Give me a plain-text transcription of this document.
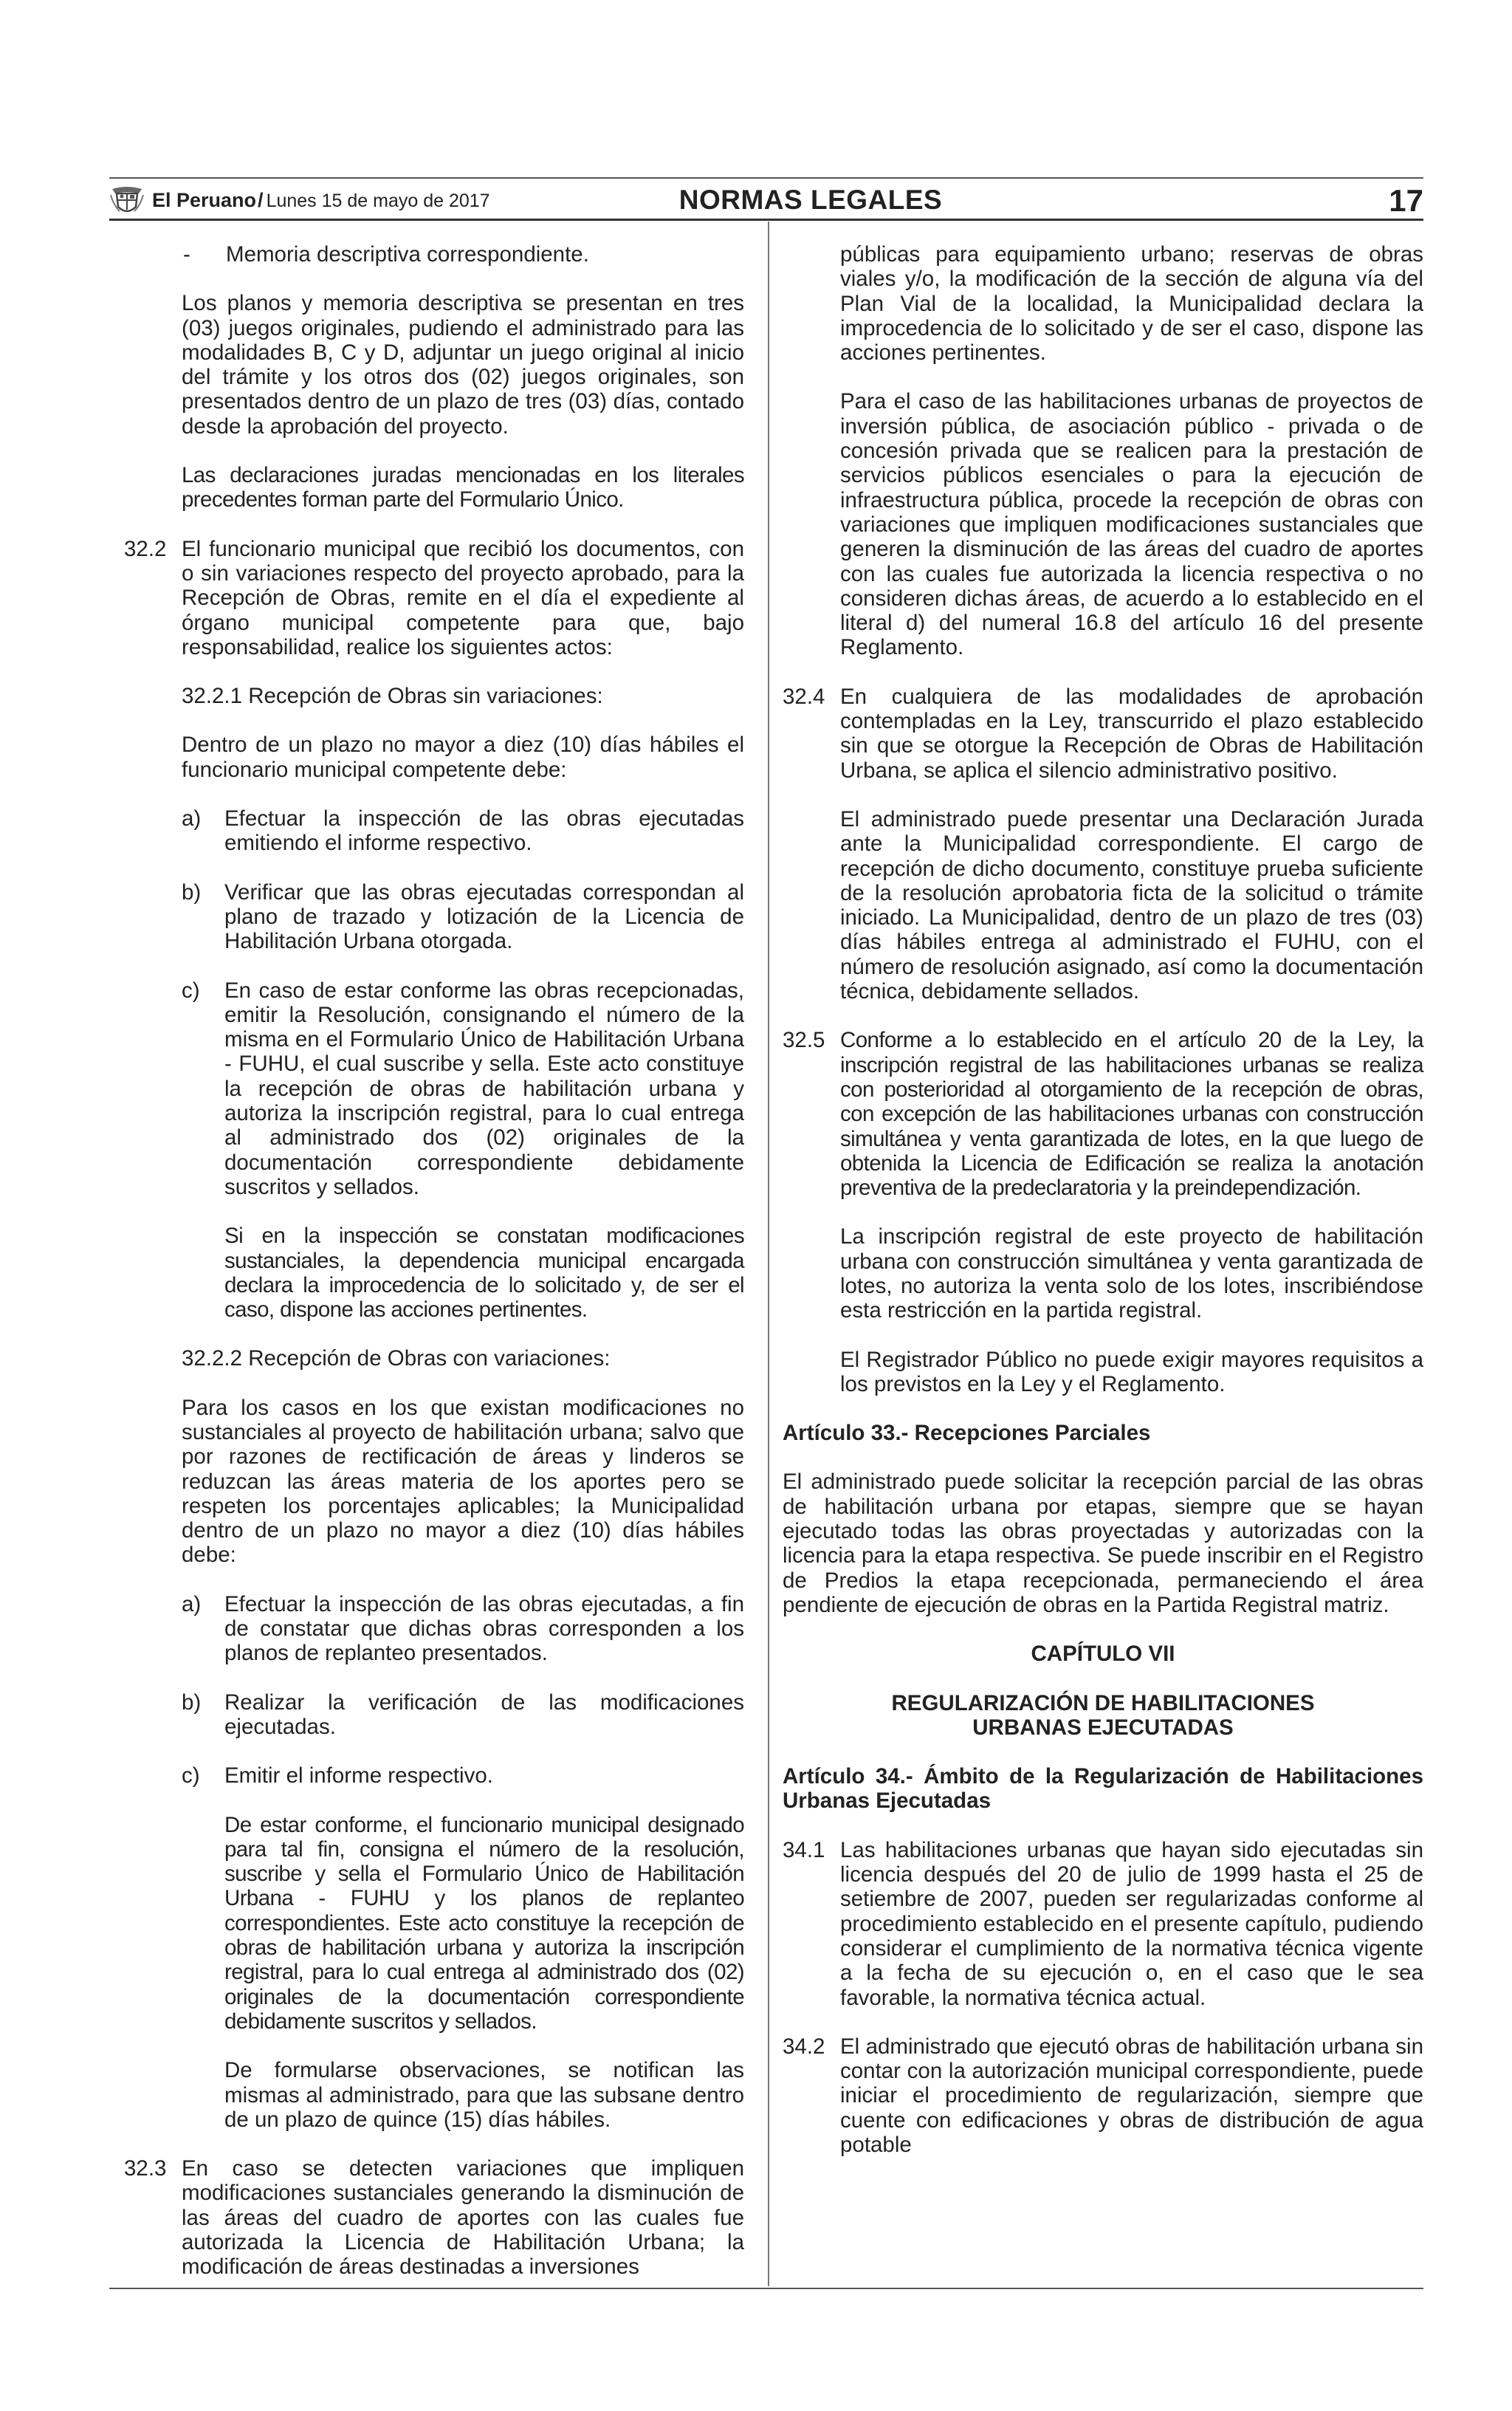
El Peruano/ Lunes 15 de mayo de 2017	NORMAS LEGALES	17
-	Memoria descriptiva correspondiente.
Los planos y memoria descriptiva se presentan en tres (03) juegos originales, pudiendo el administrado para las modalidades B, C y D, adjuntar un juego original al inicio del trámite y los otros dos (02) juegos originales, son presentados dentro de un plazo de tres (03) días, contado desde la aprobación del proyecto.
Las declaraciones juradas mencionadas en los literales precedentes forman parte del Formulario Único.
32.2 El funcionario municipal que recibió los documentos, con o sin variaciones respecto del proyecto aprobado, para la Recepción de Obras, remite en el día el expediente al órgano municipal competente para que, bajo responsabilidad, realice los siguientes actos:
32.2.1 Recepción de Obras sin variaciones:
Dentro de un plazo no mayor a diez (10) días hábiles el funcionario municipal competente debe:
a)	Efectuar la inspección de las obras ejecutadas emitiendo el informe respectivo.
b)	Verificar que las obras ejecutadas correspondan al plano de trazado y lotización de la Licencia de Habilitación Urbana otorgada.
c)	En caso de estar conforme las obras recepcionadas, emitir la Resolución, consignando el número de la misma en el Formulario Único de Habilitación Urbana - FUHU, el cual suscribe y sella. Este acto constituye la recepción de obras de habilitación urbana y autoriza la inscripción registral, para lo cual entrega al administrado dos (02) originales de la documentación correspondiente debidamente suscritos y sellados.
Si en la inspección se constatan modificaciones sustanciales, la dependencia municipal encargada declara la improcedencia de lo solicitado y, de ser el caso, dispone las acciones pertinentes.
32.2.2 Recepción de Obras con variaciones:
Para los casos en los que existan modificaciones no sustanciales al proyecto de habilitación urbana; salvo que por razones de rectificación de áreas y linderos se reduzcan las áreas materia de los aportes pero se respeten los porcentajes aplicables; la Municipalidad dentro de un plazo no mayor a diez (10) días hábiles debe:
a)	Efectuar la inspección de las obras ejecutadas, a fin de constatar que dichas obras corresponden a los planos de replanteo presentados.
b)	Realizar la verificación de las modificaciones ejecutadas.
c)	Emitir el informe respectivo.
De estar conforme, el funcionario municipal designado para tal fin, consigna el número de la resolución, suscribe y sella el Formulario Único de Habilitación Urbana - FUHU y los planos de replanteo correspondientes. Este acto constituye la recepción de obras de habilitación urbana y autoriza la inscripción registral, para lo cual entrega al administrado dos (02) originales de la documentación correspondiente debidamente suscritos y sellados.
De formularse observaciones, se notifican las mismas al administrado, para que las subsane dentro de un plazo de quince (15) días hábiles.
32.3 En caso se detecten variaciones que impliquen modificaciones sustanciales generando la disminución de las áreas del cuadro de aportes con las cuales fue autorizada la Licencia de Habilitación Urbana; la modificación de áreas destinadas a inversiones
públicas para equipamiento urbano; reservas de obras viales y/o, la modificación de la sección de alguna vía del Plan Vial de la localidad, la Municipalidad declara la improcedencia de lo solicitado y de ser el caso, dispone las acciones pertinentes.
Para el caso de las habilitaciones urbanas de proyectos de inversión pública, de asociación público - privada o de concesión privada que se realicen para la prestación de servicios públicos esenciales o para la ejecución de infraestructura pública, procede la recepción de obras con variaciones que impliquen modificaciones sustanciales que generen la disminución de las áreas del cuadro de aportes con las cuales fue autorizada la licencia respectiva o no consideren dichas áreas, de acuerdo a lo establecido en el literal d) del numeral 16.8 del artículo 16 del presente Reglamento.
32.4 En cualquiera de las modalidades de aprobación contempladas en la Ley, transcurrido el plazo establecido sin que se otorgue la Recepción de Obras de Habilitación Urbana, se aplica el silencio administrativo positivo.
El administrado puede presentar una Declaración Jurada ante la Municipalidad correspondiente. El cargo de recepción de dicho documento, constituye prueba suficiente de la resolución aprobatoria ficta de la solicitud o trámite iniciado. La Municipalidad, dentro de un plazo de tres (03) días hábiles entrega al administrado el FUHU, con el número de resolución asignado, así como la documentación técnica, debidamente sellados.
32.5 Conforme a lo establecido en el artículo 20 de la Ley, la inscripción registral de las habilitaciones urbanas se realiza con posterioridad al otorgamiento de la recepción de obras, con excepción de las habilitaciones urbanas con construcción simultánea y venta garantizada de lotes, en la que luego de obtenida la Licencia de Edificación se realiza la anotación preventiva de la predeclaratoria y la preindependización.
La inscripción registral de este proyecto de habilitación urbana con construcción simultánea y venta garantizada de lotes, no autoriza la venta solo de los lotes, inscribiéndose esta restricción en la partida registral.
El Registrador Público no puede exigir mayores requisitos a los previstos en la Ley y el Reglamento.
Artículo 33.- Recepciones Parciales
El administrado puede solicitar la recepción parcial de las obras de habilitación urbana por etapas, siempre que se hayan ejecutado todas las obras proyectadas y autorizadas con la licencia para la etapa respectiva. Se puede inscribir en el Registro de Predios la etapa recepcionada, permaneciendo el área pendiente de ejecución de obras en la Partida Registral matriz.
CAPÍTULO VII
REGULARIZACIÓN DE HABILITACIONES URBANAS EJECUTADAS
Artículo 34.- Ámbito de la Regularización de Habilitaciones Urbanas Ejecutadas
34.1 Las habilitaciones urbanas que hayan sido ejecutadas sin licencia después del 20 de julio de 1999 hasta el 25 de setiembre de 2007, pueden ser regularizadas conforme al procedimiento establecido en el presente capítulo, pudiendo considerar el cumplimiento de la normativa técnica vigente a la fecha de su ejecución o, en el caso que le sea favorable, la normativa técnica actual.
34.2 El administrado que ejecutó obras de habilitación urbana sin contar con la autorización municipal correspondiente, puede iniciar el procedimiento de regularización, siempre que cuente con edificaciones y obras de distribución de agua potable
